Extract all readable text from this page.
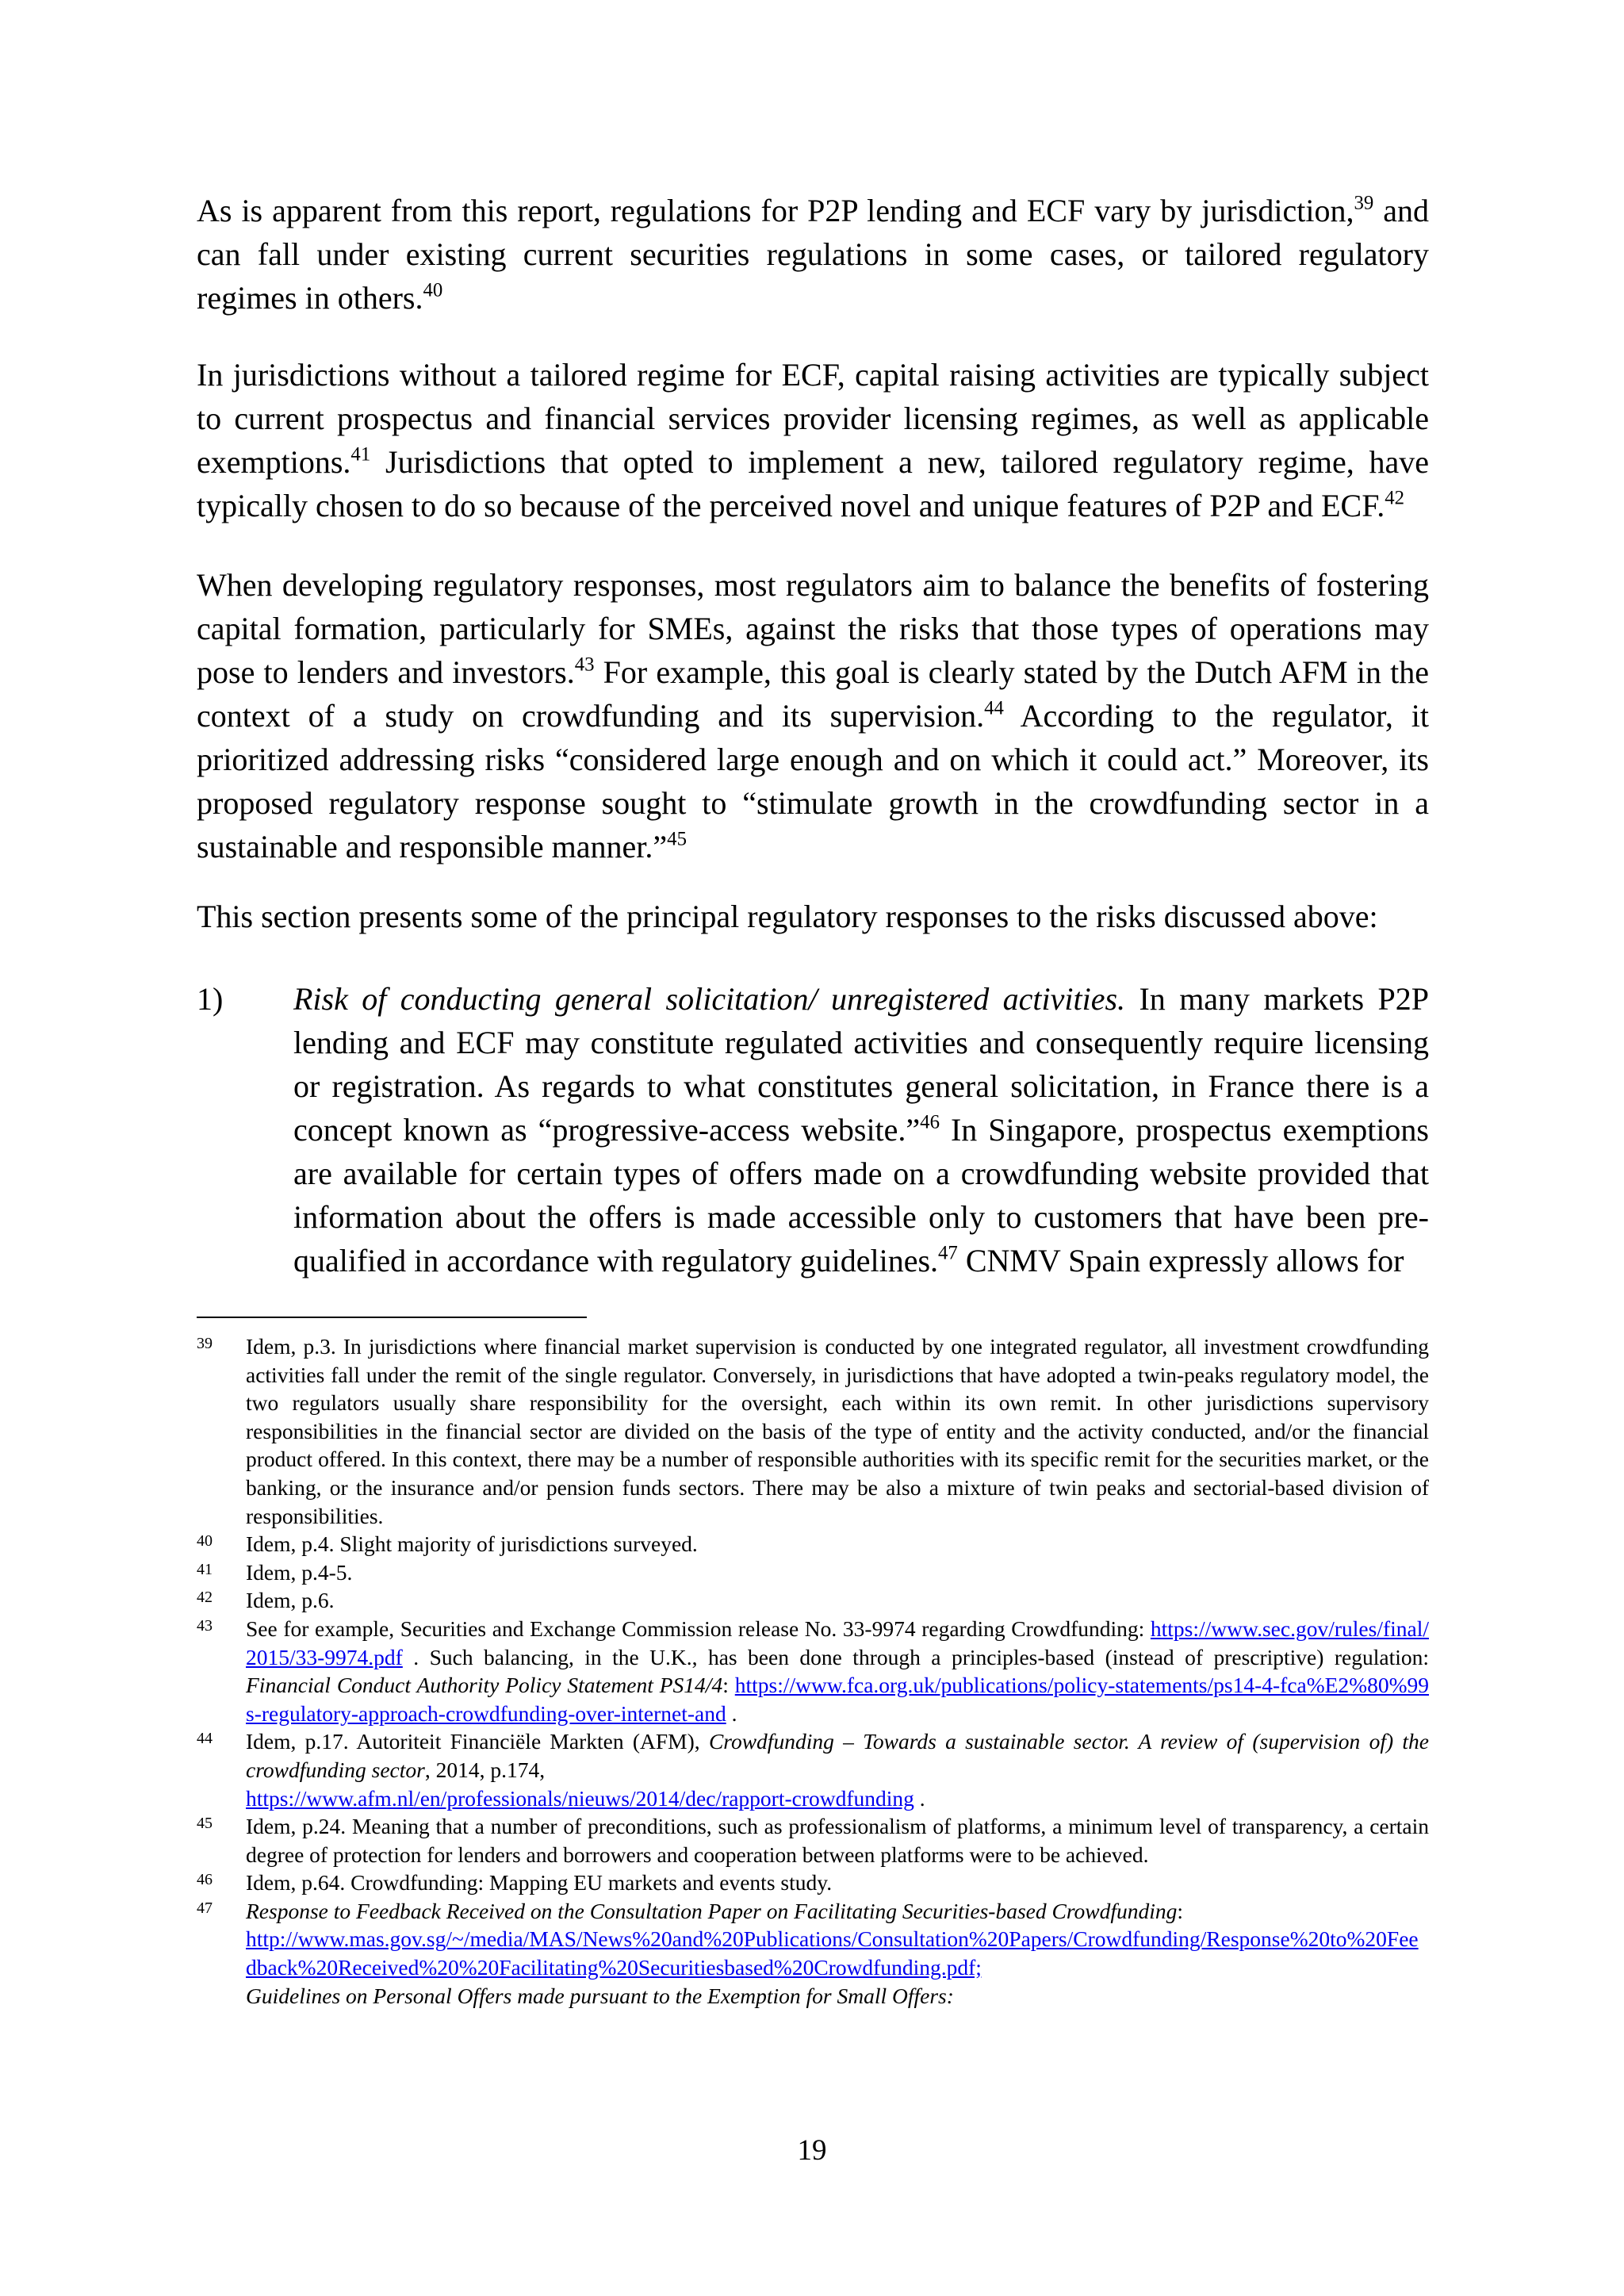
As is apparent from this report, regulations for P2P lending and ECF vary by jurisdiction,$^{39}$ and can fall under existing current securities regulations in some cases, or tailored regulatory regimes in others.$^{40}$

In jurisdictions without a tailored regime for ECF, capital raising activities are typically subject to current prospectus and financial services provider licensing regimes, as well as applicable exemptions.$^{41}$ Jurisdictions that opted to implement a new, tailored regulatory regime, have typically chosen to do so because of the perceived novel and unique features of P2P and ECF.$^{42}$

When developing regulatory responses, most regulators aim to balance the benefits of fostering capital formation, particularly for SMEs, against the risks that those types of operations may pose to lenders and investors.$^{43}$ For example, this goal is clearly stated by the Dutch AFM in the context of a study on crowdfunding and its supervision.$^{44}$ According to the regulator, it prioritized addressing risks “considered large enough and on which it could act.” Moreover, its proposed regulatory response sought to “stimulate growth in the crowdfunding sector in a sustainable and responsible manner.”$^{45}$

This section presents some of the principal regulatory responses to the risks discussed above:

1) Risk of conducting general solicitation/ unregistered activities. In many markets P2P lending and ECF may constitute regulated activities and consequently require licensing or registration. As regards to what constitutes general solicitation, in France there is a concept known as “progressive-access website.”$^{46}$ In Singapore, prospectus exemptions are available for certain types of offers made on a crowdfunding website provided that information about the offers is made accessible only to customers that have been pre-qualified in accordance with regulatory guidelines.$^{47}$ CNMV Spain expressly allows for
39 Idem, p.3. In jurisdictions where financial market supervision is conducted by one integrated regulator, all investment crowdfunding activities fall under the remit of the single regulator. Conversely, in jurisdictions that have adopted a twin-peaks regulatory model, the two regulators usually share responsibility for the oversight, each within its own remit. In other jurisdictions supervisory responsibilities in the financial sector are divided on the basis of the type of entity and the activity conducted, and/or the financial product offered. In this context, there may be a number of responsible authorities with its specific remit for the securities market, or the banking, or the insurance and/or pension funds sectors. There may be also a mixture of twin peaks and sectorial-based division of responsibilities.
40 Idem, p.4. Slight majority of jurisdictions surveyed.
41 Idem, p.4-5.
42 Idem, p.6.
43 See for example, Securities and Exchange Commission release No. 33-9974 regarding Crowdfunding: https://www.sec.gov/rules/final/2015/33-9974.pdf . Such balancing, in the U.K., has been done through a principles-based (instead of prescriptive) regulation: Financial Conduct Authority Policy Statement PS14/4: https://www.fca.org.uk/publications/policy-statements/ps14-4-fca%E2%80%99s-regulatory-approach-crowdfunding-over-internet-and .
44 Idem, p.17. Autoriteit Financiële Markten (AFM), Crowdfunding – Towards a sustainable sector. A review of (supervision of) the crowdfunding sector, 2014, p.174,
https://www.afm.nl/en/professionals/nieuws/2014/dec/rapport-crowdfunding .
45 Idem, p.24. Meaning that a number of preconditions, such as professionalism of platforms, a minimum level of transparency, a certain degree of protection for lenders and borrowers and cooperation between platforms were to be achieved.
46 Idem, p.64. Crowdfunding: Mapping EU markets and events study.
47 Response to Feedback Received on the Consultation Paper on Facilitating Securities-based Crowdfunding:
http://www.mas.gov.sg/~/media/MAS/News%20and%20Publications/Consultation%20Papers/Crowdfunding/Response%20to%20Feedback%20Received%20%20Facilitating%20Securitiesbased%20Crowdfunding.pdf;
Guidelines on Personal Offers made pursuant to the Exemption for Small Offers:
19
